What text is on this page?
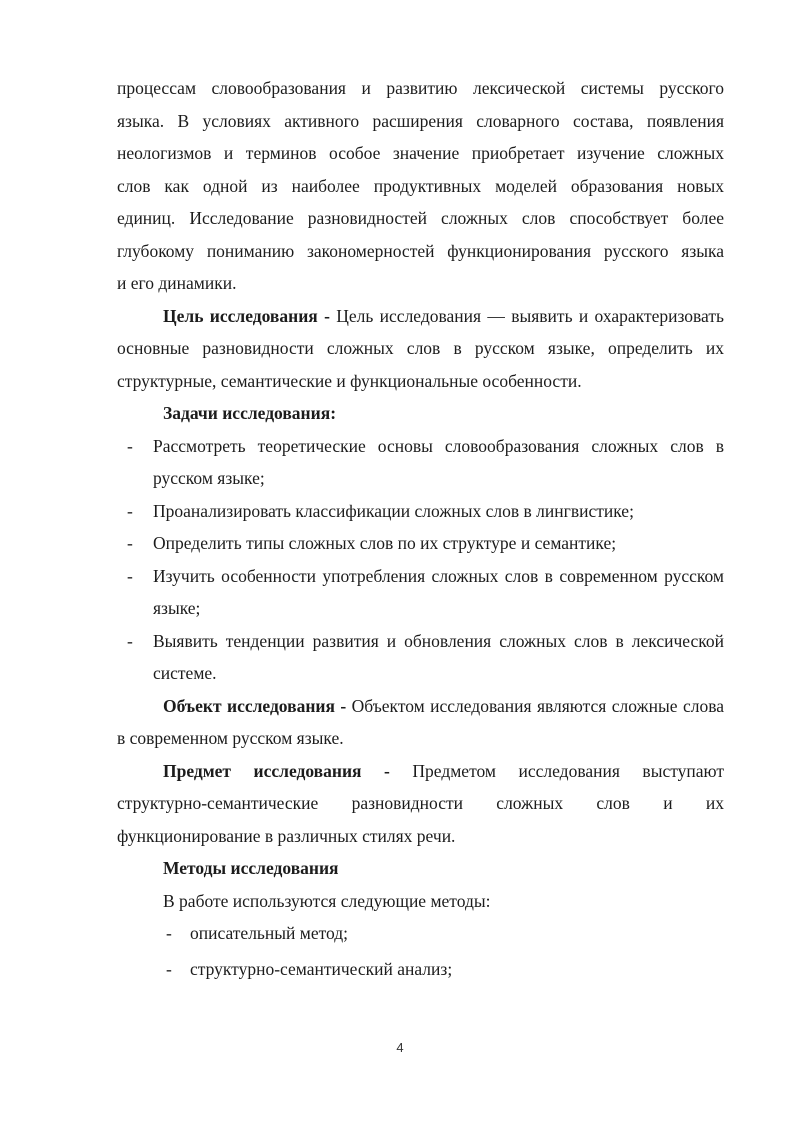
процессам словообразования и развитию лексической системы русского
языка. В условиях активного расширения словарного состава, появления
неологизмов и терминов особое значение приобретает изучение сложных
слов как одной из наиболее продуктивных моделей образования новых
единиц. Исследование разновидностей сложных слов способствует более
глубокому пониманию закономерностей функционирования русского языка
и его динамики.

Цель исследования - Цель исследования — выявить и охарактеризовать основные разновидности сложных слов в русском языке, определить их структурные, семантические и функциональные особенности.

Задачи исследования:

- Рассмотреть теоретические основы словообразования сложных слов в русском языке;
- Проанализировать классификации сложных слов в лингвистике;
- Определить типы сложных слов по их структуре и семантике;
- Изучить особенности употребления сложных слов в современном русском языке;
- Выявить тенденции развития и обновления сложных слов в лексической системе.

Объект исследования - Объектом исследования являются сложные слова в современном русском языке.

Предмет исследования - Предметом исследования выступают структурно-семантические разновидности сложных слов и их функционирование в различных стилях речи.

Методы исследования

В работе используются следующие методы:

- описательный метод;
- структурно-семантический анализ;
4
